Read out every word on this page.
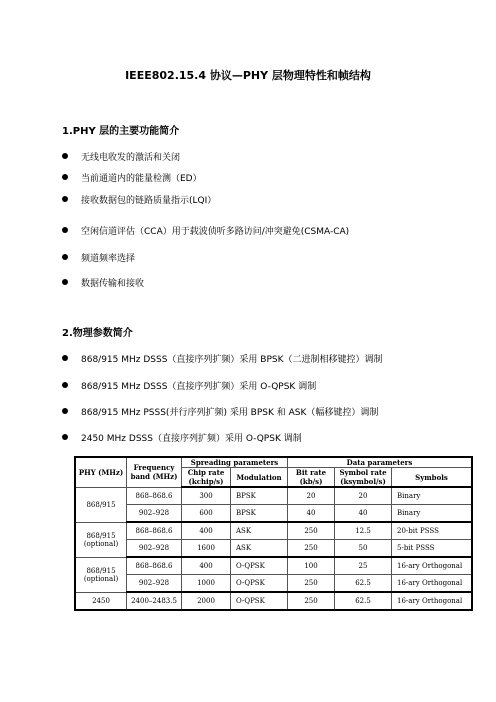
IEEE802.15.4 协议—PHY 层物理特性和帧结构
1.PHY 层的主要功能简介
无线电收发的激活和关闭
当前通道内的能量检测（ED）
接收数据包的链路质量指示(LQI）
空闲信道评估（CCA）用于载波侦听多路访问/冲突避免(CSMA-CA)
频道频率选择
数据传输和接收
2.物理参数简介
868/915 MHz DSSS（直接序列扩频）采用 BPSK（二进制相移键控）调制
868/915 MHz DSSS（直接序列扩频）采用 O-QPSK 调制
868/915 MHz PSSS(并行序列扩频) 采用 BPSK 和 ASK（幅移键控）调制
2450 MHz DSSS（直接序列扩频）采用 O-QPSK 调制
PHY (MHz)	Frequency band (MHz)	Spreading parameters		Data parameters		
		Chip rate (kchip/s)	Modulation	Bit rate (kb/s)	Symbol rate (ksymbol/s)	Symbols
868/915	868–868.6	300	BPSK	20	20	Binary
	902–928	600	BPSK	40	40	Binary
868/915 (optional)	868–868.6	400	ASK	250	12.5	20-bit PSSS
	902–928	1600	ASK	250	50	5-bit PSSS
868/915 (optional)	868–868.6	400	O-QPSK	100	25	16-ary Orthogonal
	902–928	1000	O-QPSK	250	62.5	16-ary Orthogonal
2450	2400–2483.5	2000	O-QPSK	250	62.5	16-ary Orthogonal
